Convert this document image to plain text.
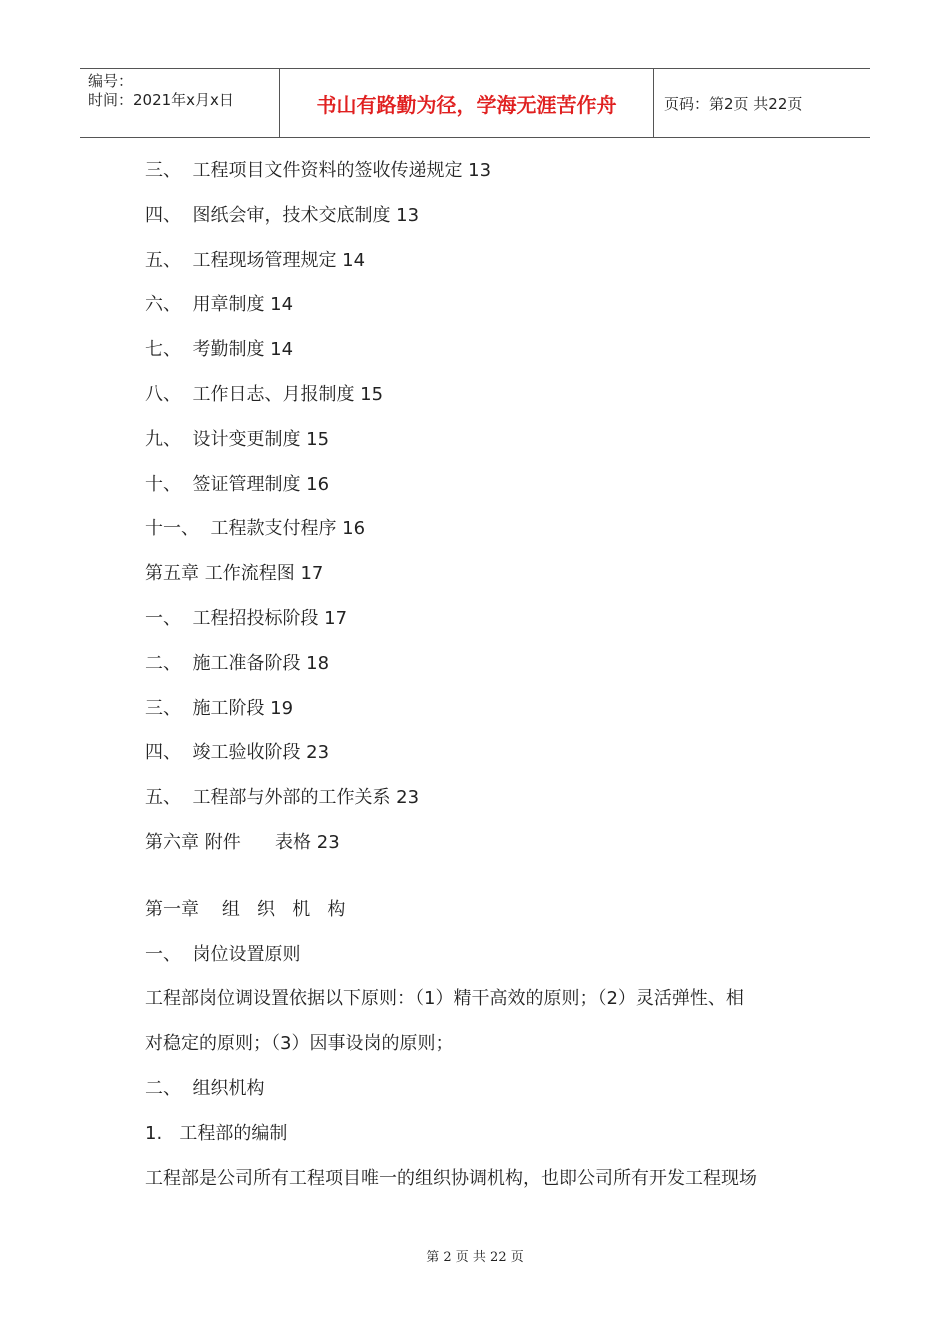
编号：
时间：2021年x月x日	书山有路勤为径，学海无涯苦作舟	页码：第2页 共22页
三、  工程项目文件资料的签收传递规定 13
四、  图纸会审，技术交底制度 13
五、  工程现场管理规定 14
六、  用章制度 14
七、  考勤制度 14
八、  工作日志、月报制度 15
九、  设计变更制度 15
十、  签证管理制度 16
十一、  工程款支付程序 16
第五章 工作流程图 17
一、  工程招投标阶段 17
二、  施工准备阶段 18
三、  施工阶段 19
四、  竣工验收阶段 23
五、  工程部与外部的工作关系 23
第六章 附件      表格 23
第一章    组   织   机   构
一、  岗位设置原则
工程部岗位调设置依据以下原则：（1）精干高效的原则；（2）灵活弹性、相
对稳定的原则；（3）因事设岗的原则；
二、  组织机构
1.   工程部的编制
工程部是公司所有工程项目唯一的组织协调机构，也即公司所有开发工程现场
第 2 页 共 22 页
